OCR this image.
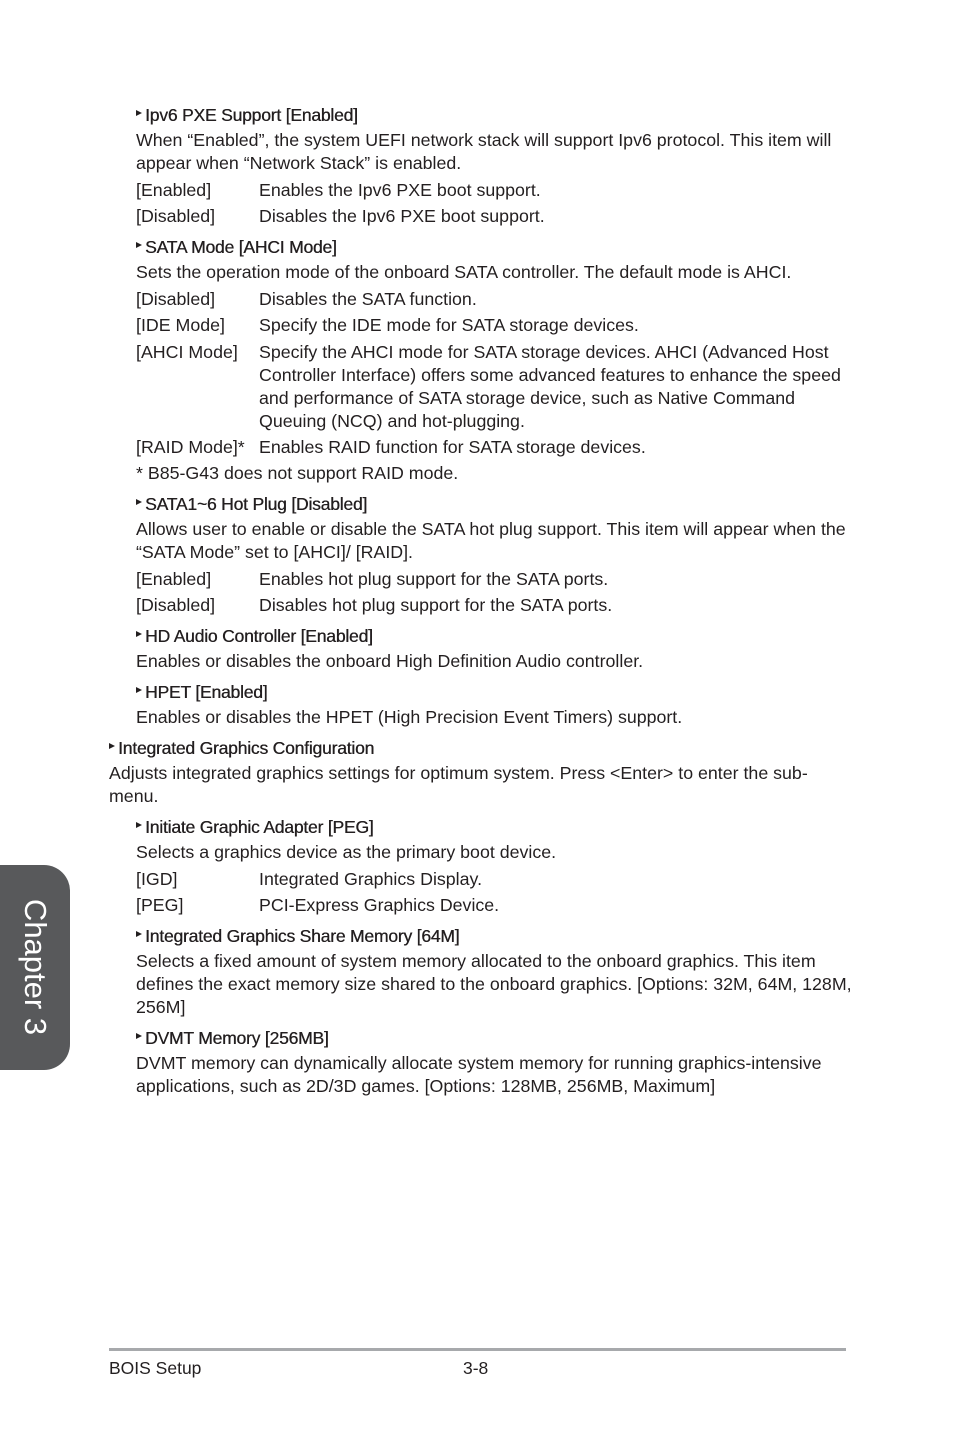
Ipv6 PXE Support [Enabled]

When “Enabled”, the system UEFI network stack will support Ipv6 protocol. This item will appear when “Network Stack” is enabled.

[Enabled]	Enables the Ipv6 PXE boot support.
[Disabled]	Disables the Ipv6 PXE boot support.
SATA Mode [AHCI Mode]

Sets the operation mode of the onboard SATA controller. The default mode is AHCI.

[Disabled]	Disables the SATA function.
[IDE Mode]	Specify the IDE mode for SATA storage devices.
[AHCI Mode]	Specify the AHCI mode for SATA storage devices. AHCI (Advanced Host Controller Interface) offers some advanced features to enhance the speed and performance of SATA storage device, such as Native Command Queuing (NCQ) and hot-plugging.
[RAID Mode]* Enables RAID function for SATA storage devices.
* B85-G43 does not support RAID mode.
SATA1~6 Hot Plug [Disabled]

Allows user to enable or disable the SATA hot plug support. This item will appear when the “SATA Mode” set to [AHCI]/ [RAID].

[Enabled]	Enables hot plug support for the SATA ports.
[Disabled]	Disables hot plug support for the SATA ports.
HD Audio Controller [Enabled]

Enables or disables the onboard High Definition Audio controller.

HPET [Enabled]

Enables or disables the HPET (High Precision Event Timers) support.

Integrated Graphics Configuration

Adjusts integrated graphics settings for optimum system. Press <Enter> to enter the sub-menu.

Initiate Graphic Adapter [PEG]

Selects a graphics device as the primary boot device.

[IGD]	Integrated Graphics Display.
[PEG]	PCI-Express Graphics Device.
Integrated Graphics Share Memory [64M]

Selects a fixed amount of system memory allocated to the onboard graphics. This item defines the exact memory size shared to the onboard graphics. [Options: 32M, 64M, 128M, 256M]

DVMT Memory [256MB]

DVMT memory can dynamically allocate system memory for running graphics-intensive applications, such as 2D/3D games. [Options: 128MB, 256MB, Maximum]

Chapter 3
BOIS Setup	3-8
